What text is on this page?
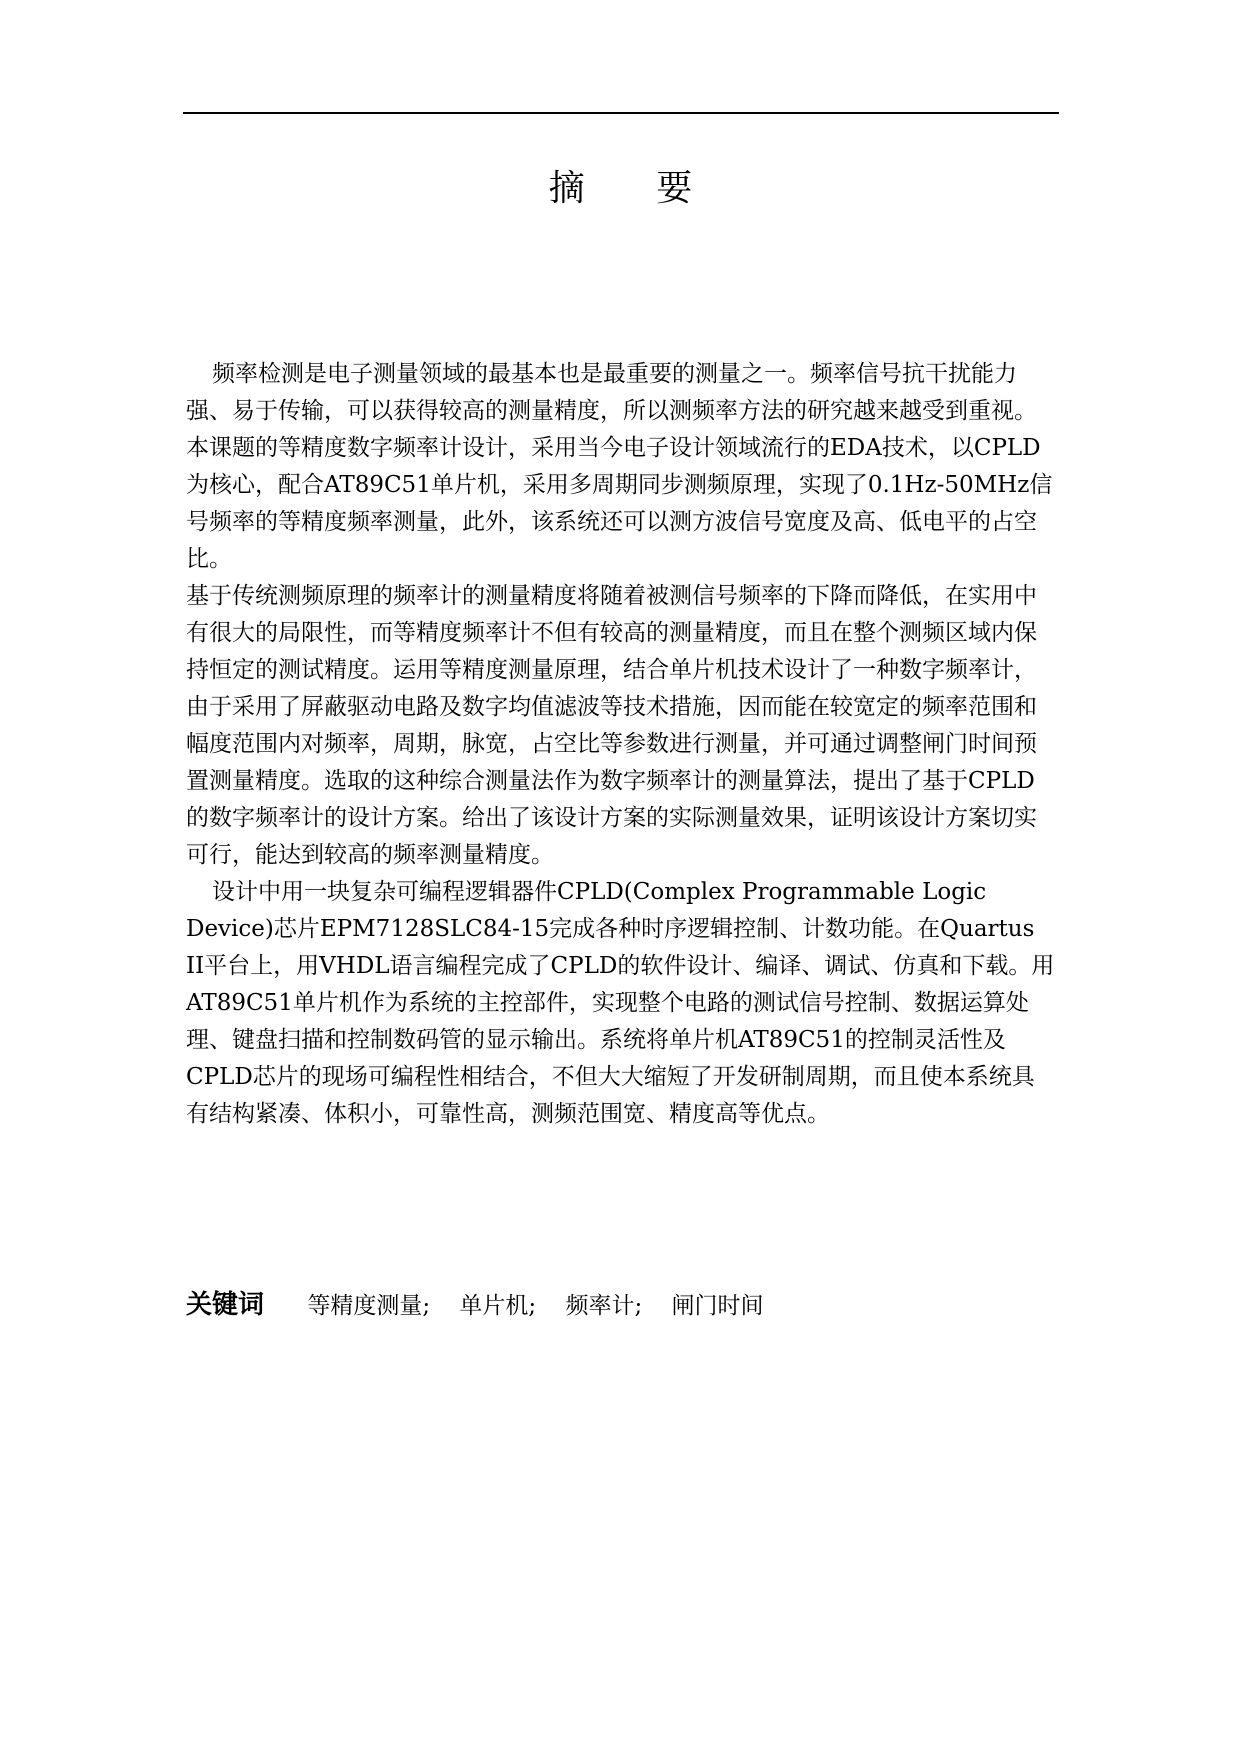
摘 要

频率检测是电子测量领域的最基本也是最重要的测量之一。频率信号抗干扰能力强、易于传输，可以获得较高的测量精度，所以测频率方法的研究越来越受到重视。本课题的等精度数字频率计设计，采用当今电子设计领域流行的EDA技术，以CPLD为核心，配合AT89C51单片机，采用多周期同步测频原理，实现了0.1Hz-50MHz信号频率的等精度频率测量，此外，该系统还可以测方波信号宽度及高、低电平的占空比。

基于传统测频原理的频率计的测量精度将随着被测信号频率的下降而降低，在实用中有很大的局限性，而等精度频率计不但有较高的测量精度，而且在整个测频区域内保持恒定的测试精度。运用等精度测量原理，结合单片机技术设计了一种数字频率计，由于采用了屏蔽驱动电路及数字均值滤波等技术措施，因而能在较宽定的频率范围和幅度范围内对频率，周期，脉宽，占空比等参数进行测量，并可通过调整闸门时间预置测量精度。选取的这种综合测量法作为数字频率计的测量算法，提出了基于CPLD 的数字频率计的设计方案。给出了该设计方案的实际测量效果，证明该设计方案切实可行，能达到较高的频率测量精度。

设计中用一块复杂可编程逻辑器件CPLD(Complex Programmable Logic Device)芯片EPM7128SLC84-15完成各种时序逻辑控制、计数功能。在Quartus II平台上，用VHDL语言编程完成了CPLD的软件设计、编译、调试、仿真和下载。用AT89C51单片机作为系统的主控部件，实现整个电路的测试信号控制、数据运算处理、键盘扫描和控制数码管的显示输出。系统将单片机AT89C51的控制灵活性及CPLD芯片的现场可编程性相结合，不但大大缩短了开发研制周期，而且使本系统具有结构紧凑、体积小，可靠性高，测频范围宽、精度高等优点。

关键词 等精度测量; 单片机; 频率计; 闸门时间
